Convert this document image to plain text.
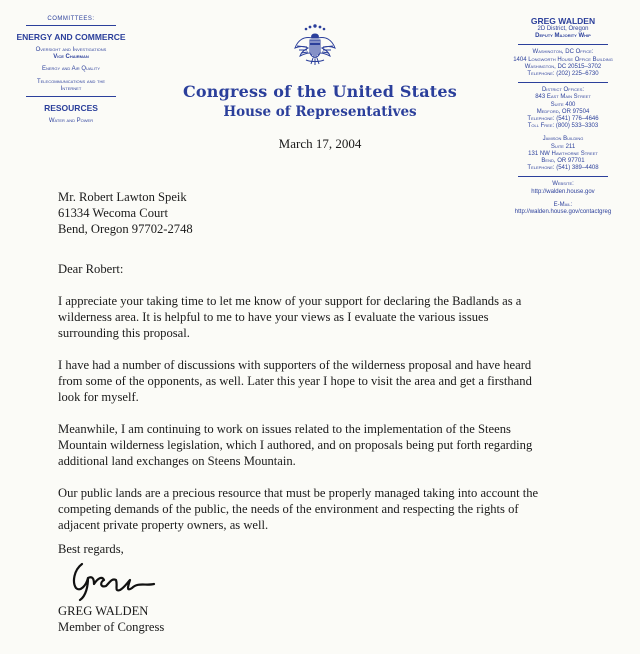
COMMITTEES:
ENERGY AND COMMERCE
Oversight and Investigations
Vice Chairman
Energy and Air Quality
Telecommunications and the
Internet
RESOURCES
Water and Power
Congress of the United States
House of Representatives
March 17, 2004
GREG WALDEN
2D District, Oregon
Deputy Majority Whip
Washington, DC Office:
1404 Longworth House Office Building
Washington, DC 20515–3702
Telephone: (202) 225–6730
District Offices:
843 East Main Street
Suite 400
Medford, OR 97504
Telephone: (541) 776–4646
Toll Free: (800) 533–3303
Jamison Building
Suite 211
131 NW Hawthorne Street
Bend, OR 97701
Telephone: (541) 389–4408
Website:
http://walden.house.gov
E-Mail:
http://walden.house.gov/contactgreg
Mr. Robert Lawton Speik
61334 Wecoma Court
Bend, Oregon 97702-2748

Dear Robert:

I appreciate your taking time to let me know of your support for declaring the Badlands as a
wilderness area. It is helpful to me to have your views as I evaluate the various issues
surrounding this proposal.

I have had a number of discussions with supporters of the wilderness proposal and have heard
from some of the opponents, as well. Later this year I hope to visit the area and get a firsthand
look for myself.

Meanwhile, I am continuing to work on issues related to the implementation of the Steens
Mountain wilderness legislation, which I authored, and on proposals being put forth regarding
additional land exchanges on Steens Mountain.

Our public lands are a precious resource that must be properly managed taking into account the
competing demands of the public, the needs of the environment and respecting the rights of
adjacent private property owners, as well.

Best regards,
GREG WALDEN
Member of Congress
